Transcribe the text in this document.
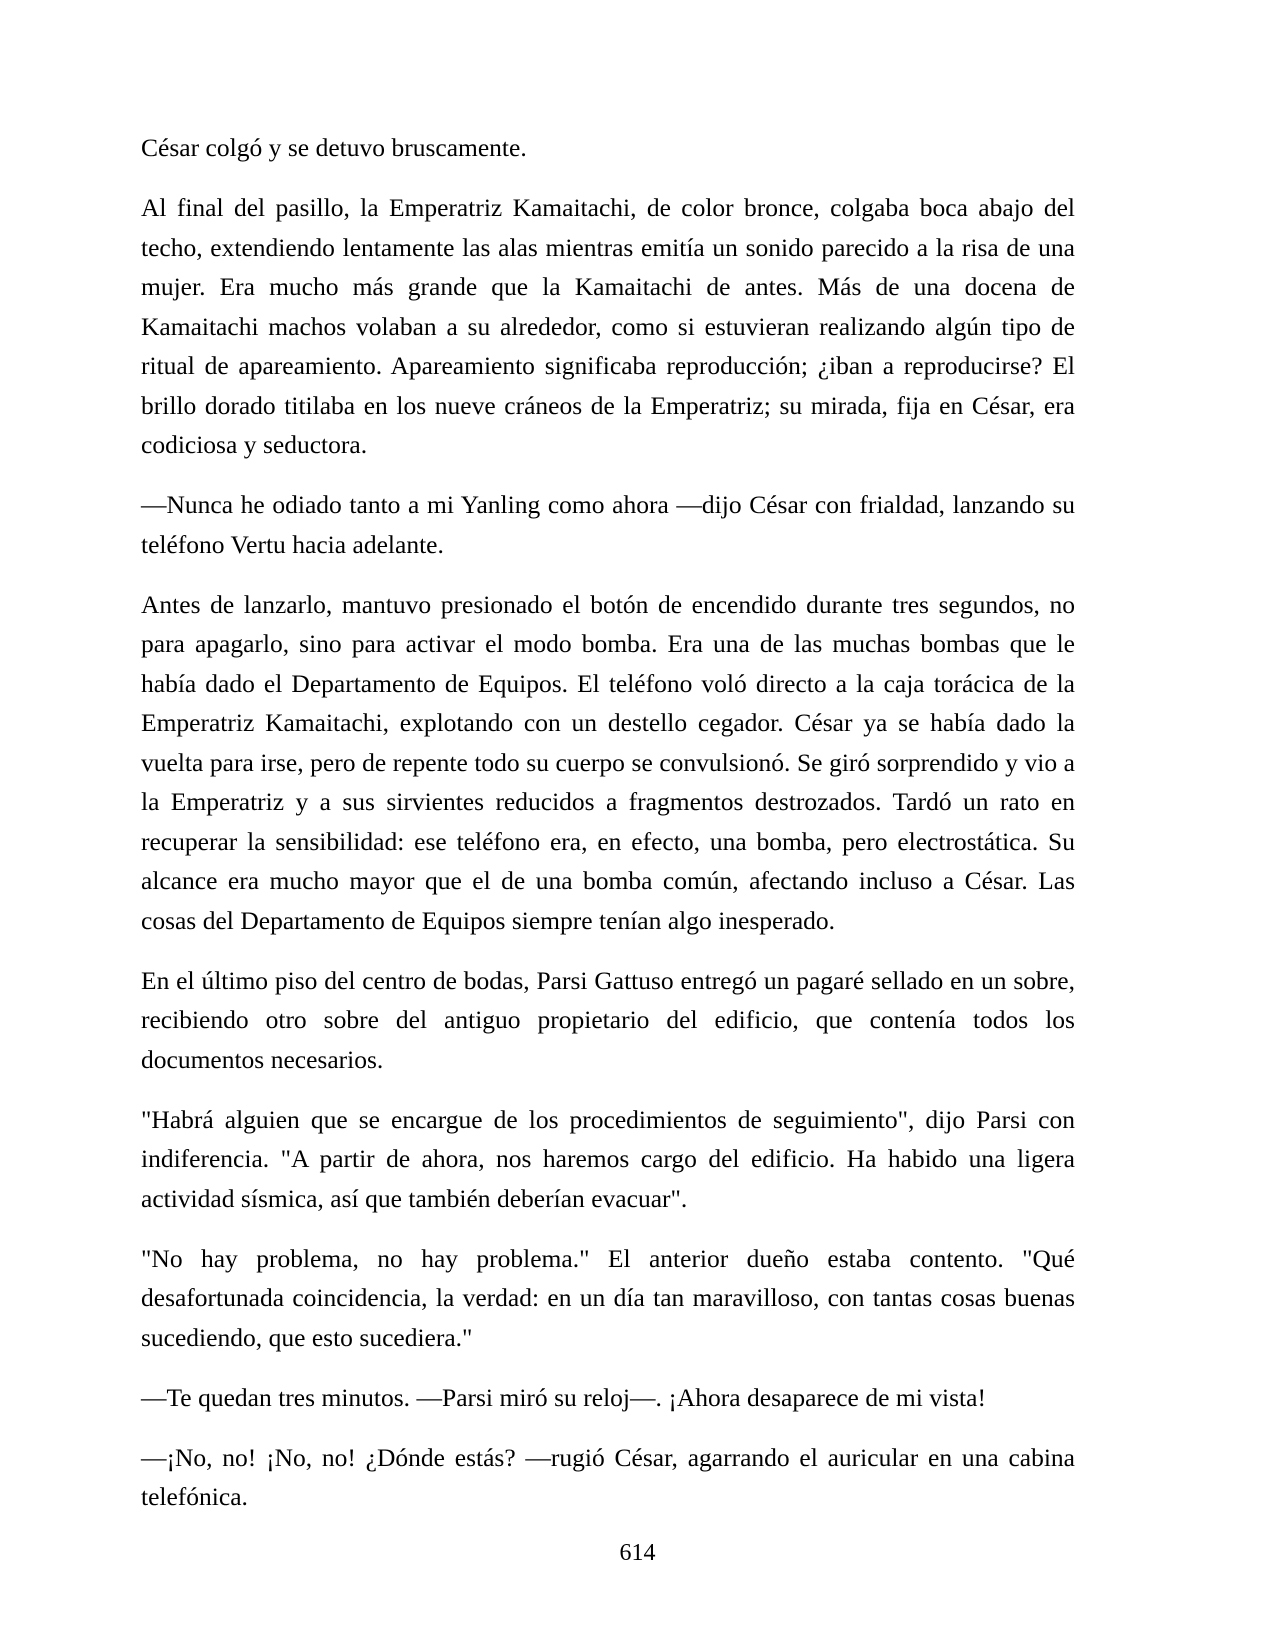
César colgó y se detuvo bruscamente.

Al final del pasillo, la Emperatriz Kamaitachi, de color bronce, colgaba boca abajo del techo, extendiendo lentamente las alas mientras emitía un sonido parecido a la risa de una mujer. Era mucho más grande que la Kamaitachi de antes. Más de una docena de Kamaitachi machos volaban a su alrededor, como si estuvieran realizando algún tipo de ritual de apareamiento. Apareamiento significaba reproducción; ¿iban a reproducirse? El brillo dorado titilaba en los nueve cráneos de la Emperatriz; su mirada, fija en César, era codiciosa y seductora.

—Nunca he odiado tanto a mi Yanling como ahora —dijo César con frialdad, lanzando su teléfono Vertu hacia adelante.

Antes de lanzarlo, mantuvo presionado el botón de encendido durante tres segundos, no para apagarlo, sino para activar el modo bomba. Era una de las muchas bombas que le había dado el Departamento de Equipos. El teléfono voló directo a la caja torácica de la Emperatriz Kamaitachi, explotando con un destello cegador. César ya se había dado la vuelta para irse, pero de repente todo su cuerpo se convulsionó. Se giró sorprendido y vio a la Emperatriz y a sus sirvientes reducidos a fragmentos destrozados. Tardó un rato en recuperar la sensibilidad: ese teléfono era, en efecto, una bomba, pero electrostática. Su alcance era mucho mayor que el de una bomba común, afectando incluso a César. Las cosas del Departamento de Equipos siempre tenían algo inesperado.

En el último piso del centro de bodas, Parsi Gattuso entregó un pagaré sellado en un sobre, recibiendo otro sobre del antiguo propietario del edificio, que contenía todos los documentos necesarios.

"Habrá alguien que se encargue de los procedimientos de seguimiento", dijo Parsi con indiferencia. "A partir de ahora, nos haremos cargo del edificio. Ha habido una ligera actividad sísmica, así que también deberían evacuar".

"No hay problema, no hay problema." El anterior dueño estaba contento. "Qué desafortunada coincidencia, la verdad: en un día tan maravilloso, con tantas cosas buenas sucediendo, que esto sucediera."

—Te quedan tres minutos. —Parsi miró su reloj—. ¡Ahora desaparece de mi vista!

—¡No, no! ¡No, no! ¿Dónde estás? —rugió César, agarrando el auricular en una cabina telefónica.

614
